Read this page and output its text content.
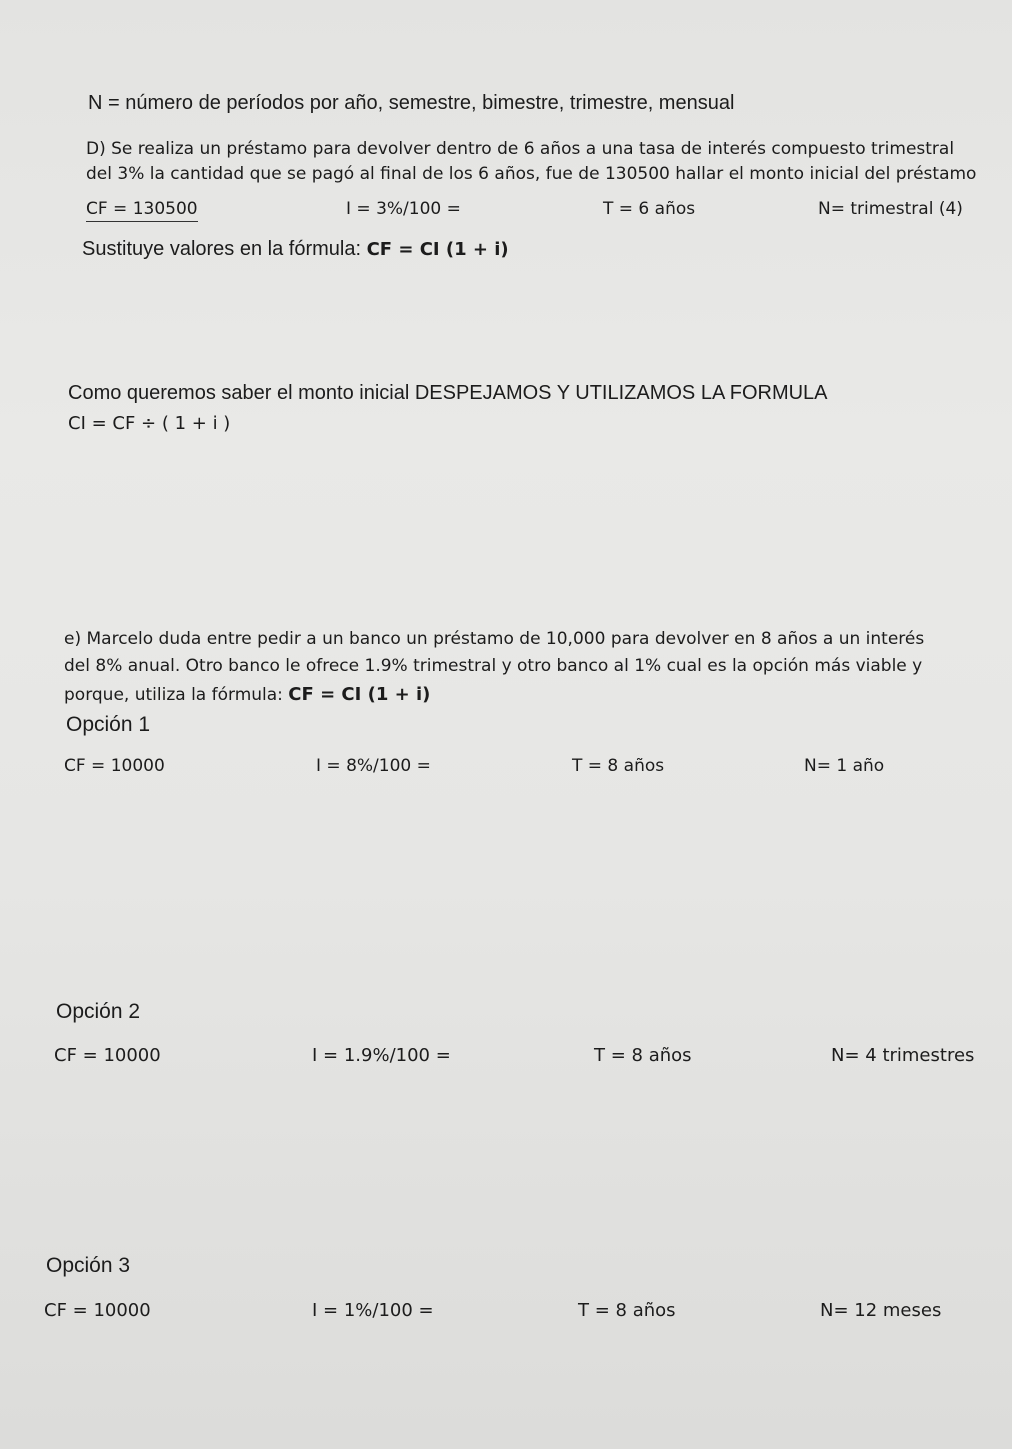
N = número de períodos por año, semestre, bimestre, trimestre, mensual
D) Se realiza un préstamo para devolver dentro de 6 años a una tasa de interés compuesto trimestral
del 3% la cantidad que se pagó al final de los 6 años, fue de 130500 hallar el monto inicial del préstamo
CF = 130500	I = 3%/100 =	T = 6 años	N= trimestral (4)
Sustituye valores en la fórmula: CF = CI (1 + i)
Como queremos saber el monto inicial DESPEJAMOS Y UTILIZAMOS LA FORMULA
CI = CF ÷ ( 1 + i )
e) Marcelo duda entre pedir a un banco un préstamo de 10,000 para devolver en 8 años a un interés
del 8% anual. Otro banco le ofrece 1.9% trimestral y otro banco al 1% cual es la opción más viable y
porque, utiliza la fórmula: CF = CI (1 + i)
Opción 1
CF = 10000	I = 8%/100 =	T = 8 años	N= 1 año
Opción 2
CF = 10000	I = 1.9%/100 =	T = 8 años	N= 4 trimestres
Opción 3
CF = 10000	I = 1%/100 =	T = 8 años	N= 12 meses
